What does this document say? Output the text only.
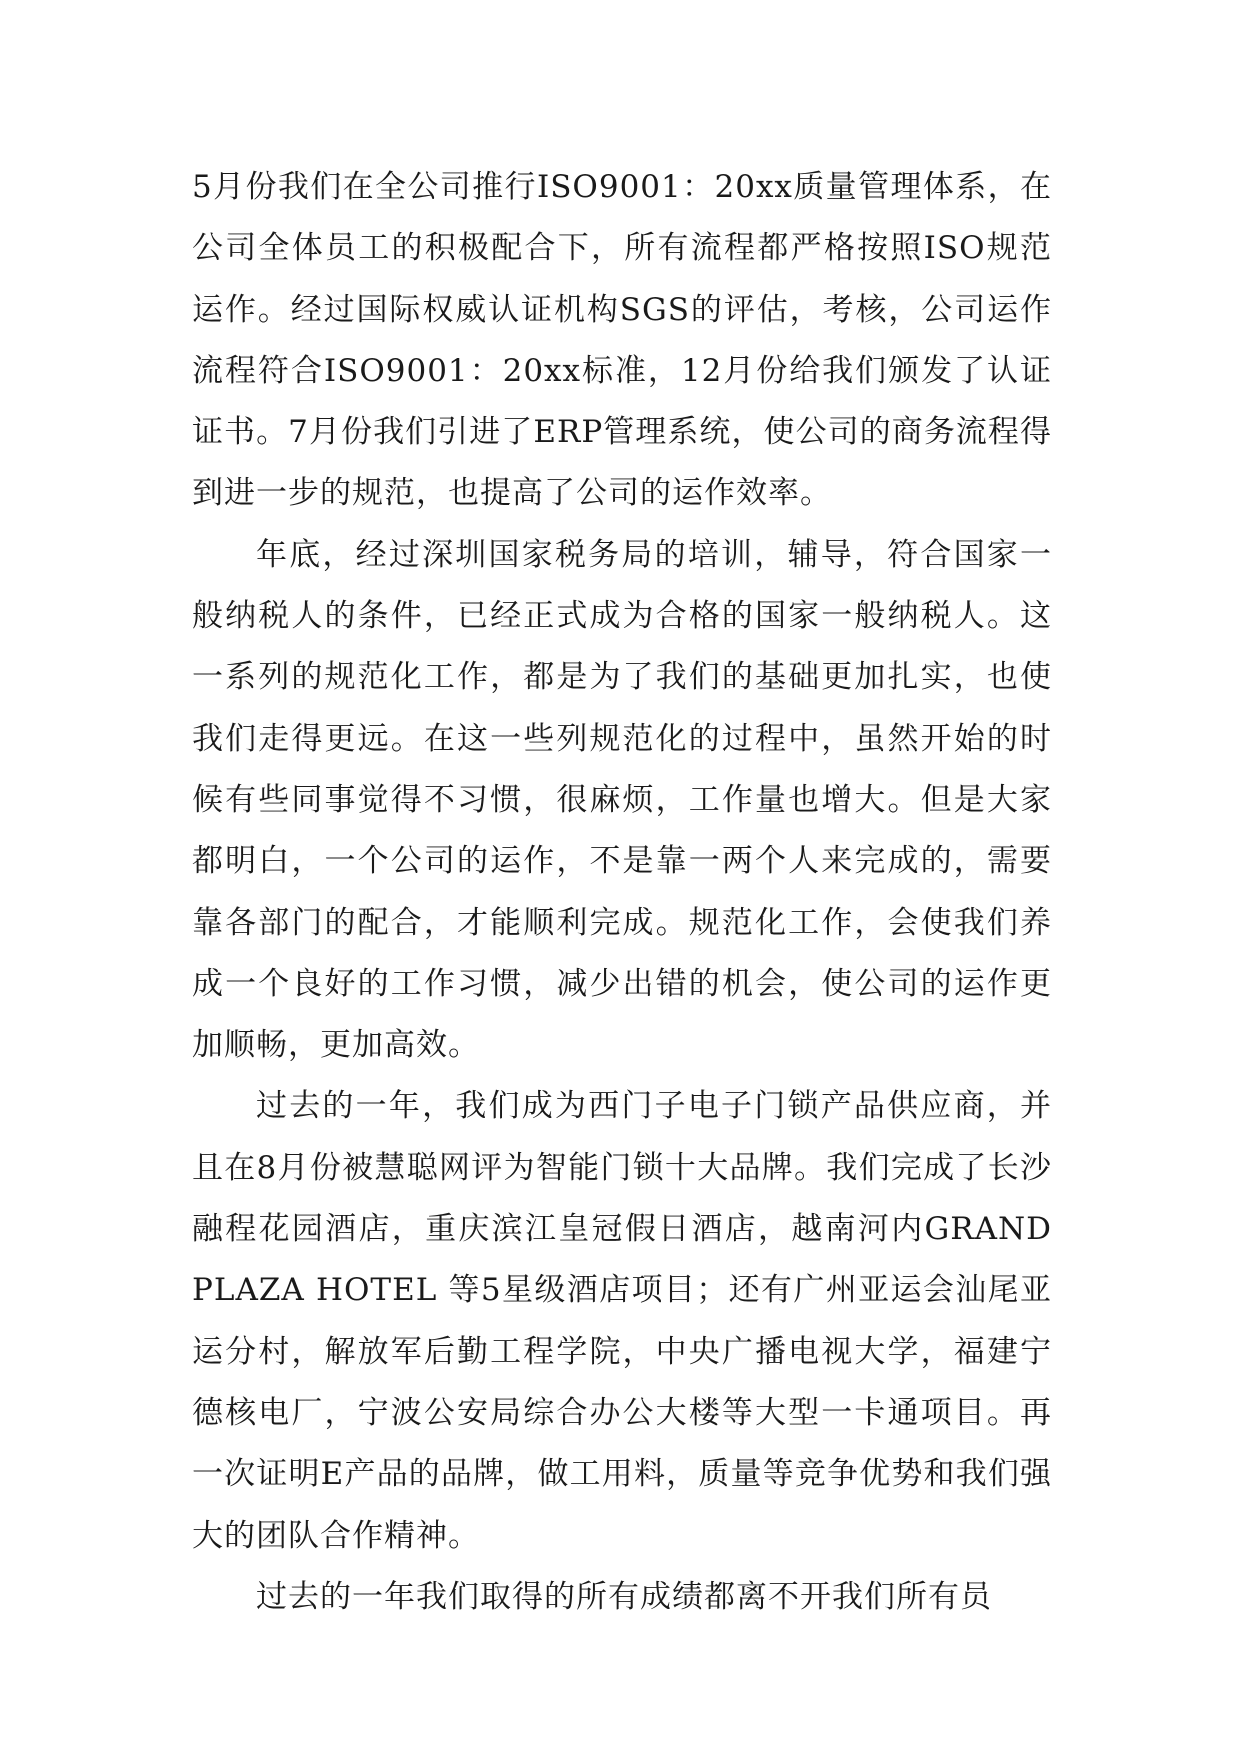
5月份我们在全公司推行ISO9001：20xx质量管理体系，在公司全体员工的积极配合下，所有流程都严格按照ISO规范运作。经过国际权威认证机构SGS的评估，考核，公司运作流程符合ISO9001：20xx标准，12月份给我们颁发了认证证书。7月份我们引进了ERP管理系统，使公司的商务流程得到进一步的规范，也提高了公司的运作效率。

年底，经过深圳国家税务局的培训，辅导，符合国家一般纳税人的条件，已经正式成为合格的国家一般纳税人。这一系列的规范化工作，都是为了我们的基础更加扎实，也使我们走得更远。在这一些列规范化的过程中，虽然开始的时候有些同事觉得不习惯，很麻烦，工作量也增大。但是大家都明白，一个公司的运作，不是靠一两个人来完成的，需要靠各部门的配合，才能顺利完成。规范化工作，会使我们养成一个良好的工作习惯，减少出错的机会，使公司的运作更加顺畅，更加高效。

过去的一年，我们成为西门子电子门锁产品供应商，并且在8月份被慧聪网评为智能门锁十大品牌。我们完成了长沙融程花园酒店，重庆滨江皇冠假日酒店，越南河内GRAND PLAZA HOTEL 等5星级酒店项目；还有广州亚运会汕尾亚运分村，解放军后勤工程学院，中央广播电视大学，福建宁德核电厂，宁波公安局综合办公大楼等大型一卡通项目。再一次证明E产品的品牌，做工用料，质量等竞争优势和我们强大的团队合作精神。

过去的一年我们取得的所有成绩都离不开我们所有员
